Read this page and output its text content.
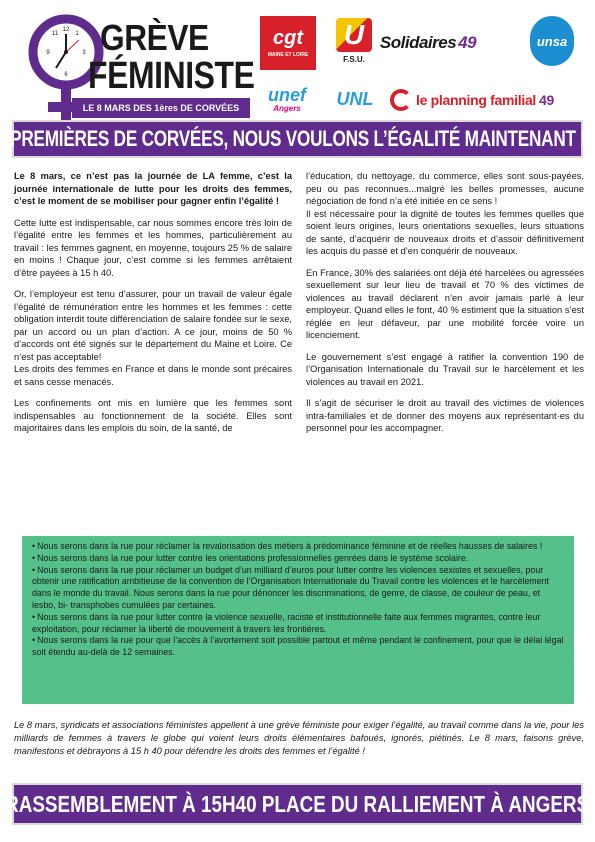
12
3
6
9
11	1 GRÈVE
FÉMINISTE
LE 8 MARS DES 1ères DE CORVÉES
cgt
MAINE ET LOIRE
U
F.S.U.
Solidaires 49	unsa
unef
Angers UNL	le planning familial 49
PREMIÈRES DE CORVÉES, NOUS VOULONS L’ÉGALITÉ MAINTENANT !

Le 8 mars, ce n’est pas la journée de LA femme, c’est la journée internationale de lutte pour les droits des femmes, c’est le moment de se mobiliser pour gagner enfin l’égalité !

Cette lutte est indispensable, car nous sommes encore très loin de l’égalité entre les femmes et les hommes, particulièrement au travail : les femmes gagnent, en moyenne, toujours 25 % de salaire en moins ! Chaque jour, c’est comme si les femmes arrêtaient d’être payées à 15 h 40.

Or, l’employeur est tenu d’assurer, pour un travail de valeur égale l’égalité de rémunération entre les hommes et les femmes : cette obligation interdit toute différenciation de salaire fondée sur le sexe, par un accord ou un plan d’action. A ce jour, moins de 50 % d’accords ont été signés sur le département du Maine et Loire. Ce n’est pas acceptable!

Les droits des femmes en France et dans le monde sont précaires et sans cesse menacés.

Les confinements ont mis en lumière que les femmes sont indispensables au fonctionnement de la société. Elles sont majoritaires dans les emplois du soin, de la santé, de

l’éducation, du nettoyage, du commerce, elles sont sous-payées, peu ou pas reconnues...malgré les belles promesses, aucune négociation de fond n’a été initiée en ce sens !

Il est nécessaire pour la dignité de toutes les femmes quelles que soient leurs origines, leurs orientations sexuelles, leurs situations de santé, d’acquérir de nouveaux droits et d’assoir définitivement les acquis du passé et d’en conquérir de nouveaux.

En France, 30% des salariées ont déjà été harcelées ou agressées sexuellement sur leur lieu de travail et 70 % des victimes de violences au travail déclarent n’en avoir jamais parlé à leur employeur. Quand elles le font, 40 % estiment que la situation s’est réglée en leur défaveur, par une mobilité forcée voire un licenciement.

Le gouvernement s’est engagé à ratifier la convention 190 de l’Organisation Internationale du Travail sur le harcèlement et les violences au travail en 2021.

Il s’agit de sécuriser le droit au travail des victimes de violences intra-familiales et de donner des moyens aux représentant·es du personnel pour les accompagner.

• Nous serons dans la rue pour réclamer la revalorisation des métiers à prédominance féminine et de réelles hausses de salaires !

• Nous serons dans la rue pour lutter contre les orientations professionnelles genrées dans le système scolaire.

• Nous serons dans la rue pour réclamer un budget d’un milliard d’euros pour lutter contre les violences sexistes et sexuelles, pour obtenir une ratification ambitieuse de la convention de l’Organisation Internationale du Travail contre les violences et le harcèlement dans le monde du travail. Nous serons dans la rue pour dénoncer les discriminations, de genre, de classe, de couleur de peau, et lesbo, bi- transphobes cumulées par certaines.

• Nous serons dans la rue pour lutter contre la violence sexuelle, raciste et institutionnelle faite aux femmes migrantes, contre leur exploitation, pour réclamer la liberté de mouvement à travers les frontières.

• Nous serons dans la rue pour que l’accès à l’avortement soit possible partout et même pendant le confinement, pour que le délai légal soit étendu au-delà de 12 semaines.

Le 8 mars, syndicats et associations féministes appellent à une grève féministe pour exiger l’égalité, au travail comme dans la vie, pour les milliards de femmes à travers le globe qui voient leurs droits élémentaires bafoués, ignorés, piétinés. Le 8 mars, faisons grève, manifestons et débrayons à 15 h 40 pour défendre les droits des femmes et l’égalité !
RASSEMBLEMENT À 15H40 PLACE DU RALLIEMENT À ANGERS
